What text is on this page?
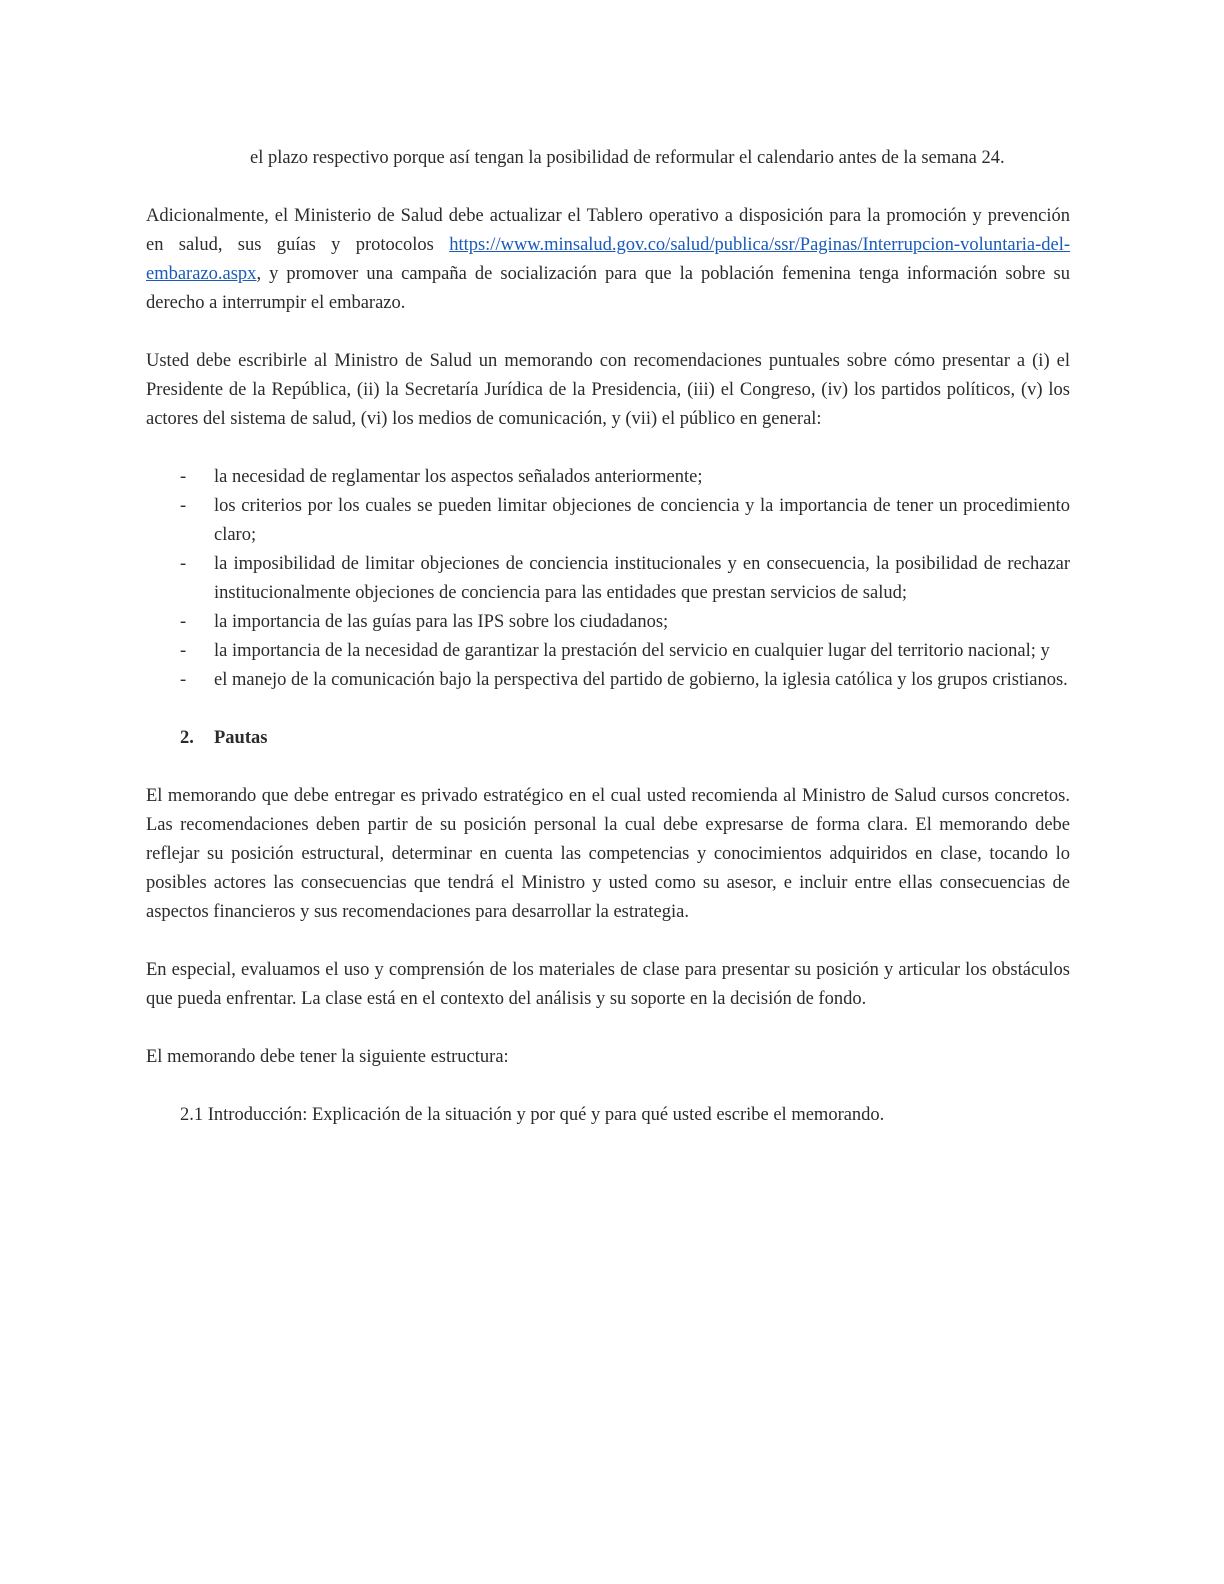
el plazo respectivo porque así tengan la posibilidad de reformular el calendario antes de la semana 24.

Adicionalmente, el Ministerio de Salud debe actualizar el Tablero operativo a disposición para la promoción y prevención en salud, sus guías y protocolos https://www.minsalud.gov.co/salud/publica/ssr/Paginas/Interrupcion-voluntaria-del-embarazo.aspx, y promover una campaña de socialización para que la población femenina tenga información sobre su derecho a interrumpir el embarazo.

Usted debe escribirle al Ministro de Salud un memorando con recomendaciones puntuales sobre cómo presentar a (i) el Presidente de la República, (ii) la Secretaría Jurídica de la Presidencia, (iii) el Congreso, (iv) los partidos políticos, (v) los actores del sistema de salud, (vi) los medios de comunicación, y (vii) el público en general:

- la necesidad de reglamentar los aspectos señalados anteriormente;
- los criterios por los cuales se pueden limitar objeciones de conciencia y la importancia de tener un procedimiento claro;
- la imposibilidad de limitar objeciones de conciencia institucionales y en consecuencia, la posibilidad de rechazar institucionalmente objeciones de conciencia para las entidades que prestan servicios de salud;
- la importancia de las guías para las IPS sobre los ciudadanos;
- la importancia de la necesidad de garantizar la prestación del servicio en cualquier lugar del territorio nacional; y
- el manejo de la comunicación bajo la perspectiva del partido de gobierno, la iglesia católica y los grupos cristianos.
2. Pautas

El memorando que debe entregar es privado estratégico en el cual usted recomienda al Ministro de Salud cursos concretos. Las recomendaciones deben partir de su posición personal la cual debe expresarse de forma clara. El memorando debe reflejar su posición estructural, determinar en cuenta las competencias y conocimientos adquiridos en clase, tocando lo posibles actores las consecuencias que tendrá el Ministro y usted como su asesor, e incluir entre ellas consecuencias de aspectos financieros y sus recomendaciones para desarrollar la estrategia.

En especial, evaluamos el uso y comprensión de los materiales de clase para presentar su posición y articular los obstáculos que pueda enfrentar. La clase está en el contexto del análisis y su soporte en la decisión de fondo.

El memorando debe tener la siguiente estructura:

2.1 Introducción: Explicación de la situación y por qué y para qué usted escribe el memorando.
